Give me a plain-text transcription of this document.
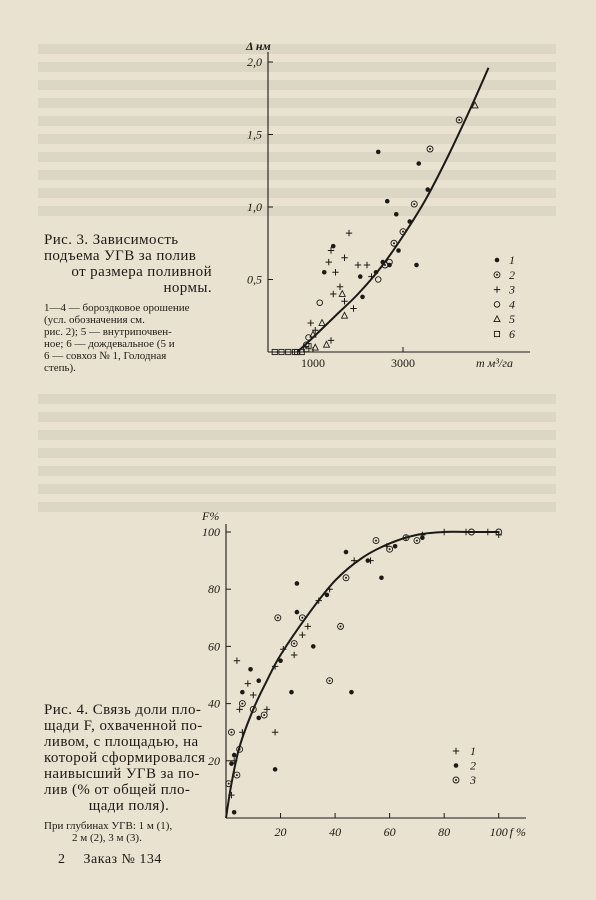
Δ нм
m м³/га
0,5
1,0
1,5
2,0
1000	3000
1
2
3
4
5
6
Рис. 3. Зависимость
подъема УГВ за полив
от размера поливной
нормы.
1—4 — бороздковое орошение
(усл. обозначения см.
рис. 2); 5 — внутрипочвен-
ное; 6 — дождевальное (5 и
6 — совхоз № 1, Голодная
степь).
F%
f %
20
40
60
80
100
20	40	60	80	100
1
2
3
Рис. 4. Связь доли пло-
щади F, охваченной по-
ливом, с площадью, на
которой сформировался
наивысший УГВ за по-
лив (% от общей пло-
щади поля).
При глубинах УГВ: 1 м (1),
2 м (2), 3 м (3).
2 Заказ № 134
